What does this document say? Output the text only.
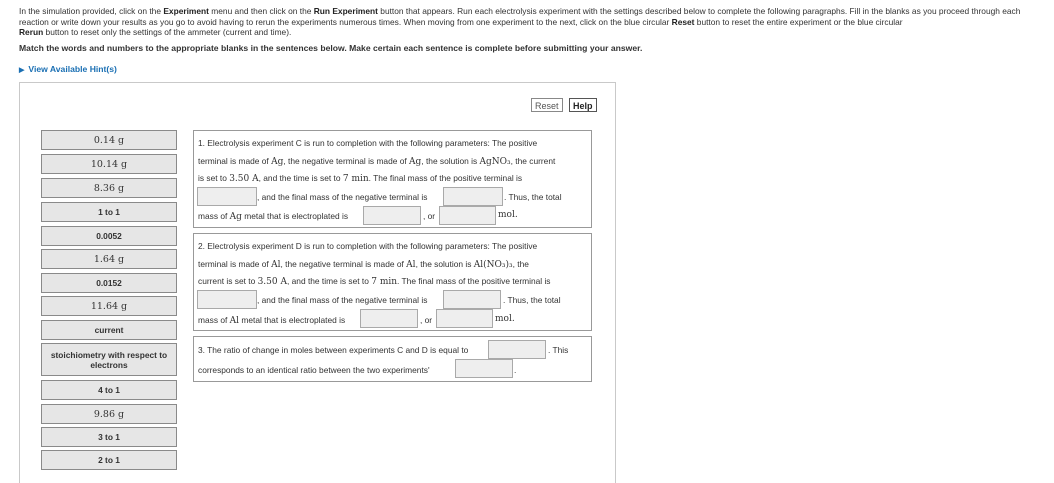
In the simulation provided, click on the Experiment menu and then click on the Run Experiment button that appears. Run each electrolysis experiment with the settings described below to complete the following paragraphs. Fill in the blanks as you proceed through each reaction or write down your results as you go to avoid having to rerun the experiments numerous times. When moving from one experiment to the next, click on the blue circular Reset button to reset the entire experiment or the blue circular
Rerun button to reset only the settings of the ammeter (current and time).
Match the words and numbers to the appropriate blanks in the sentences below. Make certain each sentence is complete before submitting your answer.
▶ View Available Hint(s)
Reset	Help
0.14 g
10.14 g
8.36 g
1 to 1
0.0052
1.64 g
0.0152
11.64 g
current
stoichiometry with respect to electrons
4 to 1
9.86 g
3 to 1
2 to 1
1. Electrolysis experiment C is run to completion with the following parameters: The positive
terminal is made of Ag, the negative terminal is made of Ag, the solution is AgNO₃, the current
is set to 3.50 A, and the time is set to 7 min. The final mass of the positive terminal is
, and the final mass of the negative terminal is	. Thus, the total
mass of Ag metal that is electroplated is	, or	mol.
2. Electrolysis experiment D is run to completion with the following parameters: The positive
terminal is made of Al, the negative terminal is made of Al, the solution is Al(NO₃)₃, the
current is set to 3.50 A, and the time is set to 7 min. The final mass of the positive terminal is
, and the final mass of the negative terminal is	. Thus, the total
mass of Al metal that is electroplated is	, or	mol.
3. The ratio of change in moles between experiments C and D is equal to	. This
corresponds to an identical ratio between the two experiments'	.
